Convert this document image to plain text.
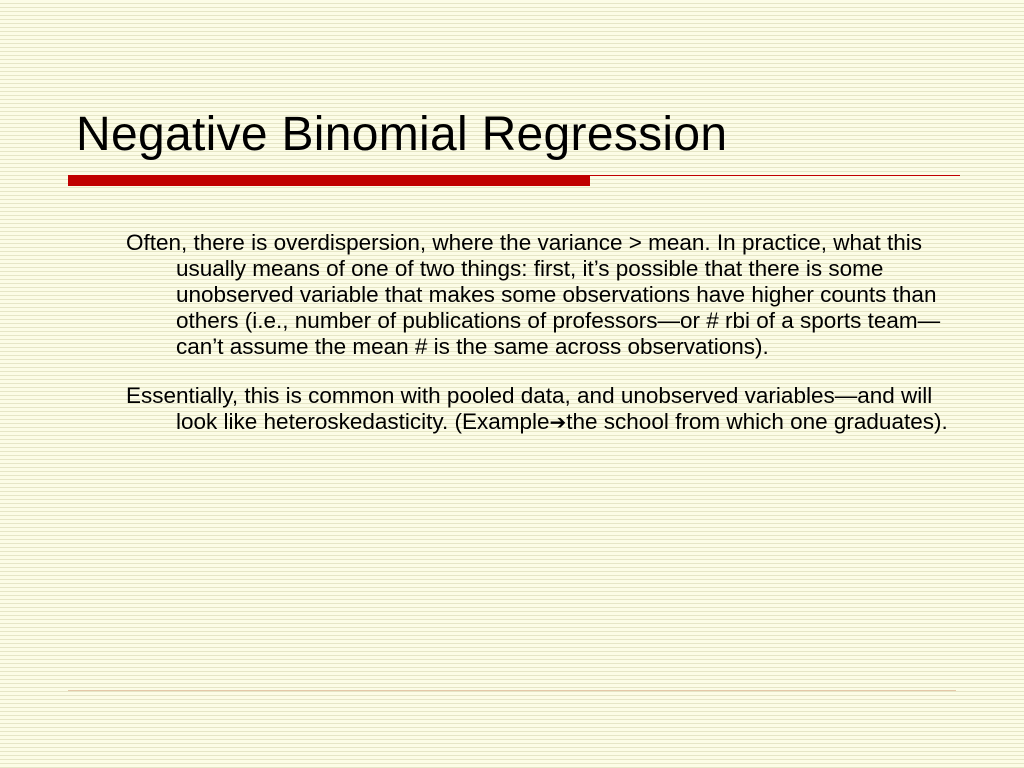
Negative Binomial Regression

Often, there is overdispersion, where the variance > mean. In practice, what this usually means of one of two things: first, it’s possible that there is some unobserved variable that makes some observations have higher counts than others (i.e., number of publications of professors—or # rbi of a sports team—can’t assume the mean # is the same across observations).

Essentially, this is common with pooled data, and unobserved variables—and will look like heteroskedasticity. (Example➔the school from which one graduates).
